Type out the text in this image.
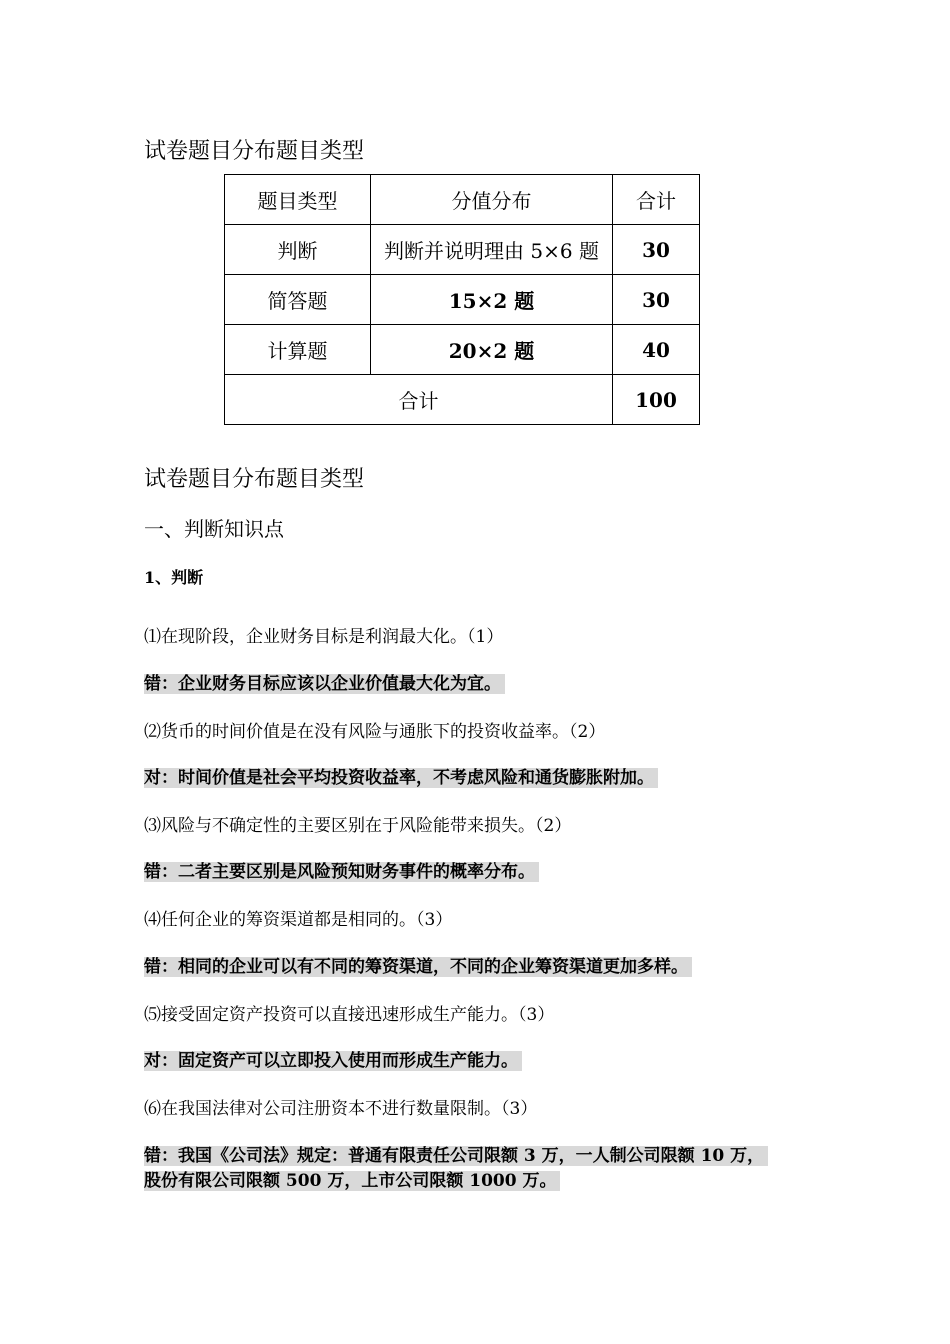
试卷题目分布题目类型
题目类型	分值分布	合计
判断	判断并说明理由 5×6 题	30
简答题	15×2 题	30
计算题	20×2 题	40
合计		100
试卷题目分布题目类型
一、判断知识点
1、判断
⑴在现阶段，企业财务目标是利润最大化。（1）
错：企业财务目标应该以企业价值最大化为宜。
⑵货币的时间价值是在没有风险与通胀下的投资收益率。（2）
对：时间价值是社会平均投资收益率，不考虑风险和通货膨胀附加。
⑶风险与不确定性的主要区别在于风险能带来损失。（2）
错：二者主要区别是风险预知财务事件的概率分布。
⑷任何企业的筹资渠道都是相同的。（3）
错：相同的企业可以有不同的筹资渠道，不同的企业筹资渠道更加多样。
⑸接受固定资产投资可以直接迅速形成生产能力。（3）
对：固定资产可以立即投入使用而形成生产能力。
⑹在我国法律对公司注册资本不进行数量限制。（3）
错：我国《公司法》规定：普通有限责任公司限额 3 万，一人制公司限额 10 万，
股份有限公司限额 500 万，上市公司限额 1000 万。
